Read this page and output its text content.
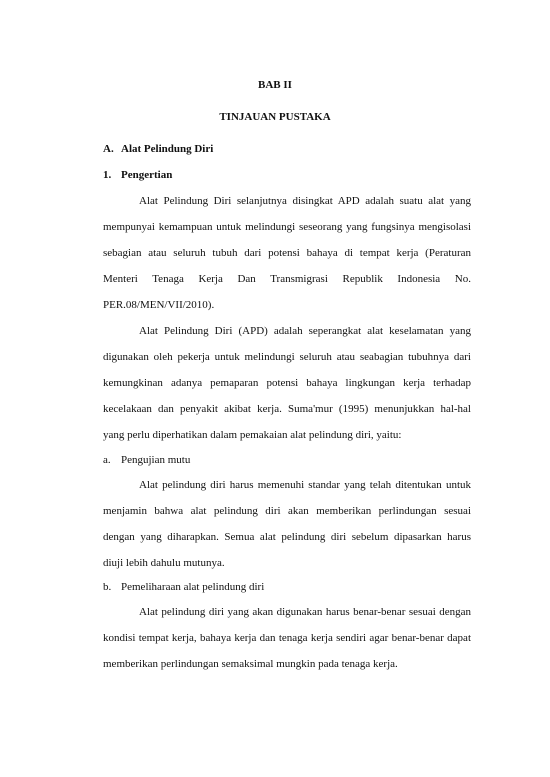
BAB II
TINJAUAN PUSTAKA
A. Alat Pelindung Diri
1. Pengertian
Alat Pelindung Diri selanjutnya disingkat APD adalah suatu alat yang
mempunyai kemampuan untuk melindungi seseorang yang fungsinya mengisolasi
sebagian atau seluruh tubuh dari potensi bahaya di tempat kerja (Peraturan
Menteri Tenaga Kerja Dan Transmigrasi Republik Indonesia No.
PER.08/MEN/VII/2010).
Alat Pelindung Diri (APD) adalah seperangkat alat keselamatan yang
digunakan oleh pekerja untuk melindungi seluruh atau seabagian tubuhnya dari
kemungkinan adanya pemaparan potensi bahaya lingkungan kerja terhadap
kecelakaan dan penyakit akibat kerja. Suma'mur (1995) menunjukkan hal-hal
yang perlu diperhatikan dalam pemakaian alat pelindung diri, yaitu:
a. Pengujian mutu
Alat pelindung diri harus memenuhi standar yang telah ditentukan untuk
menjamin bahwa alat pelindung diri akan memberikan perlindungan sesuai
dengan yang diharapkan. Semua alat pelindung diri sebelum dipasarkan harus
diuji lebih dahulu mutunya.
b. Pemeliharaan alat pelindung diri
Alat pelindung diri yang akan digunakan harus benar-benar sesuai dengan
kondisi tempat kerja, bahaya kerja dan tenaga kerja sendiri agar benar-benar dapat
memberikan perlindungan semaksimal mungkin pada tenaga kerja.
